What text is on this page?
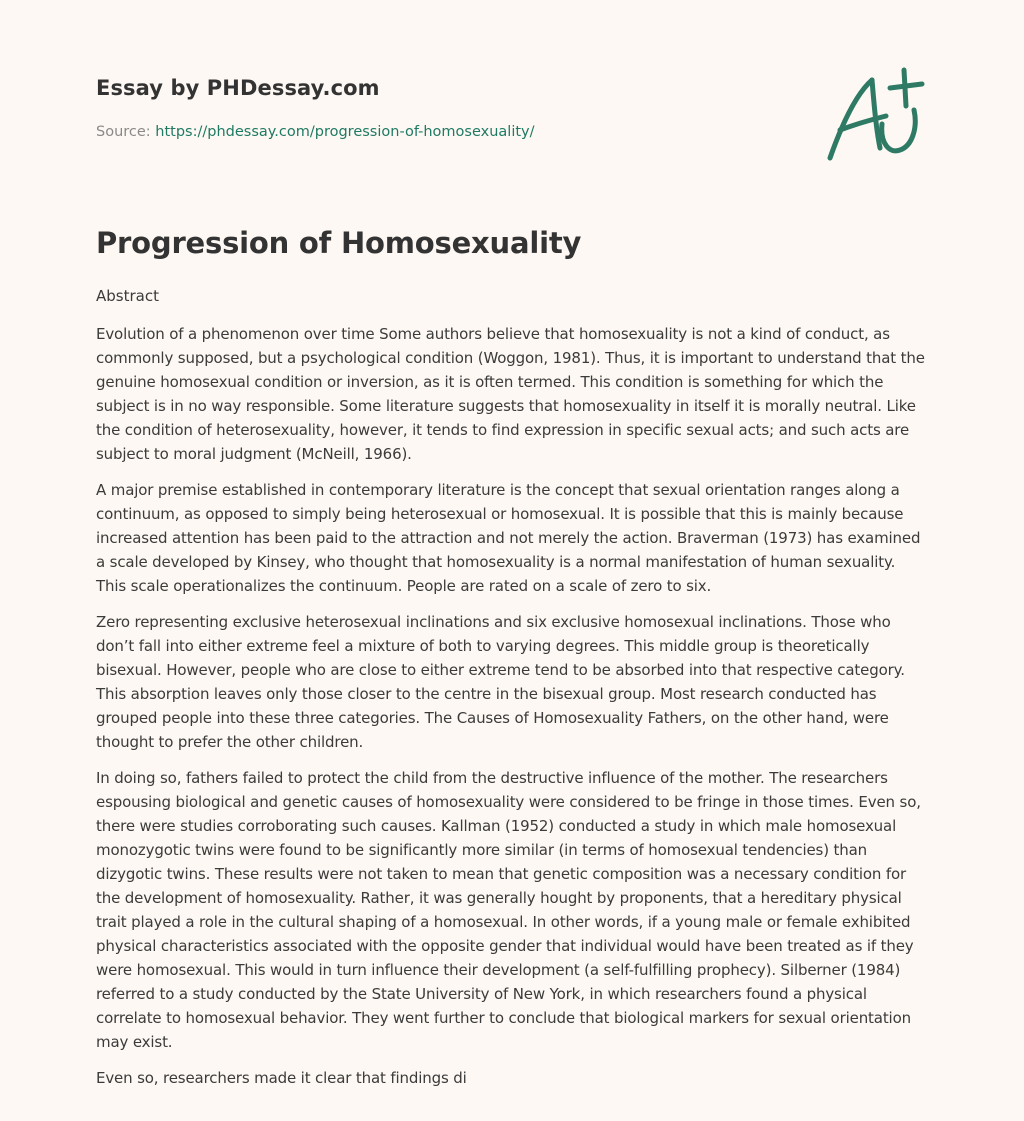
Essay by PHDessay.com
Source: https://phdessay.com/progression-of-homosexuality/
Progression of Homosexuality
Abstract

Evolution of a phenomenon over time Some authors believe that homosexuality is not a kind of conduct, as commonly supposed, but a psychological condition (Woggon, 1981). Thus, it is important to understand that the genuine homosexual condition or inversion, as it is often termed. This condition is something for which the subject is in no way responsible. Some literature suggests that homosexuality in itself it is morally neutral. Like the condition of heterosexuality, however, it tends to find expression in specific sexual acts; and such acts are subject to moral judgment (McNeill, 1966).

A major premise established in contemporary literature is the concept that sexual orientation ranges along a continuum, as opposed to simply being heterosexual or homosexual. It is possible that this is mainly because increased attention has been paid to the attraction and not merely the action. Braverman (1973) has examined a scale developed by Kinsey, who thought that homosexuality is a normal manifestation of human sexuality. This scale operationalizes the continuum. People are rated on a scale of zero to six.

Zero representing exclusive heterosexual inclinations and six exclusive homosexual inclinations. Those who don’t fall into either extreme feel a mixture of both to varying degrees. This middle group is theoretically bisexual. However, people who are close to either extreme tend to be absorbed into that respective category. This absorption leaves only those closer to the centre in the bisexual group. Most research conducted has grouped people into these three categories. The Causes of Homosexuality Fathers, on the other hand, were thought to prefer the other children.

In doing so, fathers failed to protect the child from the destructive influence of the mother. The researchers espousing biological and genetic causes of homosexuality were considered to be fringe in those times. Even so, there were studies corroborating such causes. Kallman (1952) conducted a study in which male homosexual monozygotic twins were found to be significantly more similar (in terms of homosexual tendencies) than dizygotic twins. These results were not taken to mean that genetic composition was a necessary condition for the development of homosexuality. Rather, it was generally hought by proponents, that a hereditary physical trait played a role in the cultural shaping of a homosexual. In other words, if a young male or female exhibited physical characteristics associated with the opposite gender that individual would have been treated as if they were homosexual. This would in turn influence their development (a self-fulfilling prophecy). Silberner (1984) referred to a study conducted by the State University of New York, in which researchers found a physical correlate to homosexual behavior. They went further to conclude that biological markers for sexual orientation may exist.

Even so, researchers made it clear that findings di
